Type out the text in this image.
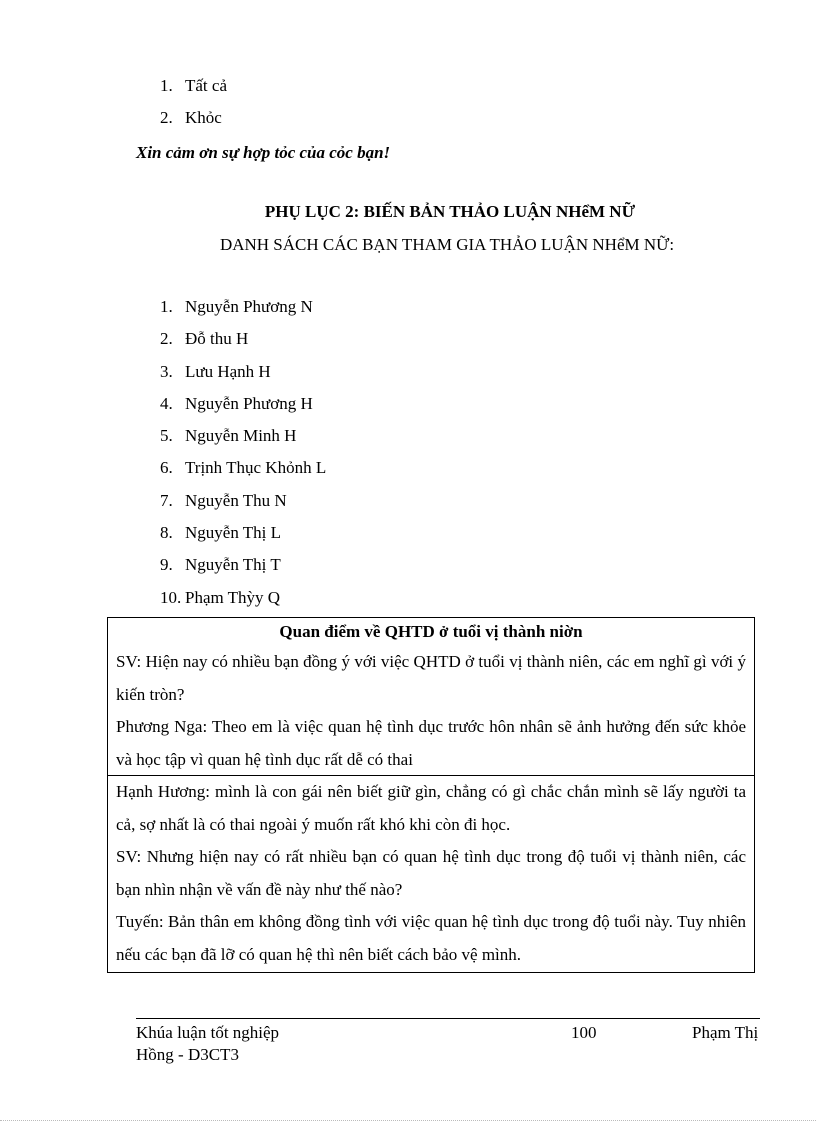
1. Tất cả
2. Khỏc
Xin cảm ơn sự hợp tỏc của cỏc bạn!
PHỤ LỤC 2: BIẾN BẢN THẢO LUẬN NHểM NỮ
DANH SÁCH CÁC BẠN THAM GIA THẢO LUẬN NHểM NỮ:
1. Nguyễn Phương N
2. Đỗ thu H
3. Lưu Hạnh H
4. Nguyễn Phương H
5. Nguyễn Minh H
6. Trịnh Thục Khỏnh L
7. Nguyễn Thu N
8. Nguyễn Thị L
9. Nguyễn Thị T
10. Phạm Thỳy Q
Quan điểm về QHTD ở tuổi vị thành niờn

SV: Hiện nay có nhiều bạn đồng ý với việc QHTD ở tuổi vị thành niên, các em nghĩ gì với ý kiến tròn?

Phương Nga: Theo em là việc quan hệ tình dục trước hôn nhân sẽ ảnh hưởng đến sức khỏe và học tập vì quan hệ tình dục rất dễ có thai

Hạnh Hương: mình là con gái nên biết giữ gìn, chẳng có gì chắc chắn mình sẽ lấy người ta cả, sợ nhất là có thai ngoài ý muốn rất khó khi còn đi học.

SV: Nhưng hiện nay có rất nhiều bạn có quan hệ tình dục trong độ tuổi vị thành niên, các bạn nhìn nhận về vấn đề này như thế nào?

Tuyến: Bản thân em không đồng tình với việc quan hệ tình dục trong độ tuổi này. Tuy nhiên nếu các bạn đã lỡ có quan hệ thì nên biết cách bảo vệ mình.

Khúa luận tốt nghiệp
Hồng - D3CT3
100	Phạm Thị
